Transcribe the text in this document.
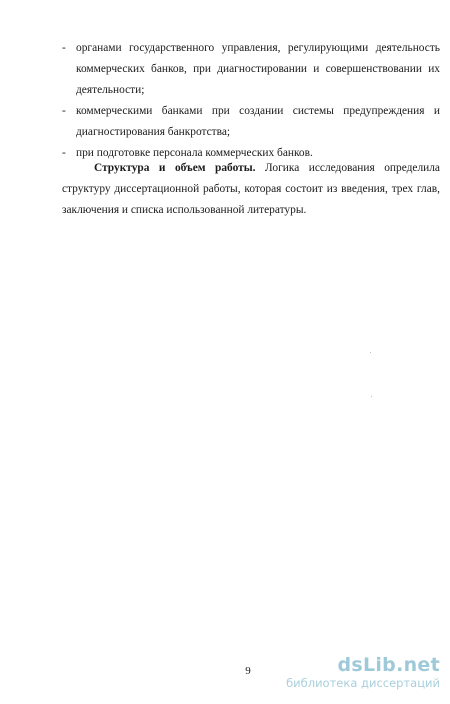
- органами государственного управления, регулирующими деятельность коммерческих банков, при диагностировании и совершенствовании их деятельности;
- коммерческими банками при создании системы предупреждения и диагностирования банкротства;
- при подготовке персонала коммерческих банков.

Структура и объем работы. Логика исследования определила структуру диссертационной работы, которая состоит из введения, трех глав, заключения и списка использованной литературы.

9	dsLib.net
библиотека диссертаций
